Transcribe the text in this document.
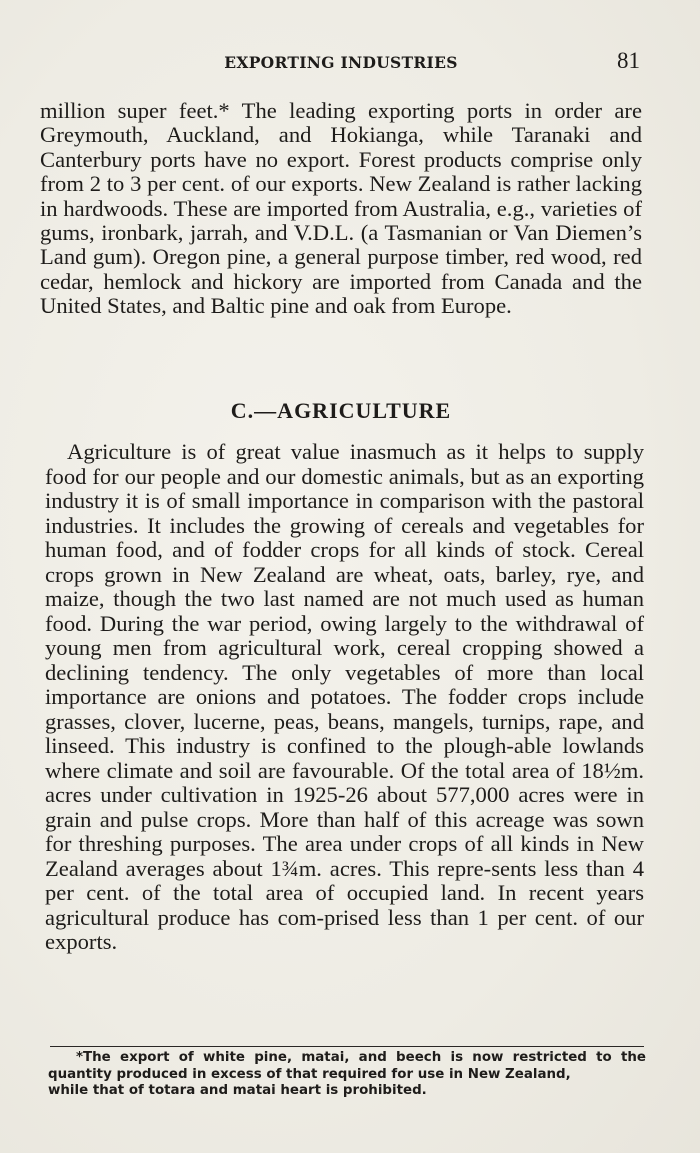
EXPORTING INDUSTRIES	81

million super feet.* The leading exporting ports in order are Greymouth, Auckland, and Hokianga, while Taranaki and Canterbury ports have no export. Forest products comprise only from 2 to 3 per cent. of our exports. New Zealand is rather lacking in hardwoods. These are imported from Australia, e.g., varieties of gums, ironbark, jarrah, and V.D.L. (a Tasmanian or Van Diemen’s Land gum). Oregon pine, a general purpose timber, red wood, red cedar, hemlock and hickory are imported from Canada and the United States, and Baltic pine and oak from Europe.

C.—AGRICULTURE

Agriculture is of great value inasmuch as it helps to supply food for our people and our domestic animals, but as an exporting industry it is of small importance in comparison with the pastoral industries. It includes the growing of cereals and vegetables for human food, and of fodder crops for all kinds of stock. Cereal crops grown in New Zealand are wheat, oats, barley, rye, and maize, though the two last named are not much used as human food. During the war period, owing largely to the withdrawal of young men from agricultural work, cereal cropping showed a declining tendency. The only vegetables of more than local importance are onions and potatoes. The fodder crops include grasses, clover, lucerne, peas, beans, mangels, turnips, rape, and linseed. This industry is confined to the plough-able lowlands where climate and soil are favourable. Of the total area of 18½m. acres under cultivation in 1925-26 about 577,000 acres were in grain and pulse crops. More than half of this acreage was sown for threshing purposes. The area under crops of all kinds in New Zealand averages about 1¾m. acres. This repre-sents less than 4 per cent. of the total area of occupied land. In recent years agricultural produce has com-prised less than 1 per cent. of our exports.

*The export of white pine, matai, and beech is now restricted to the quantity produced in excess of that required for use in New Zealand,
while that of totara and matai heart is prohibited.
